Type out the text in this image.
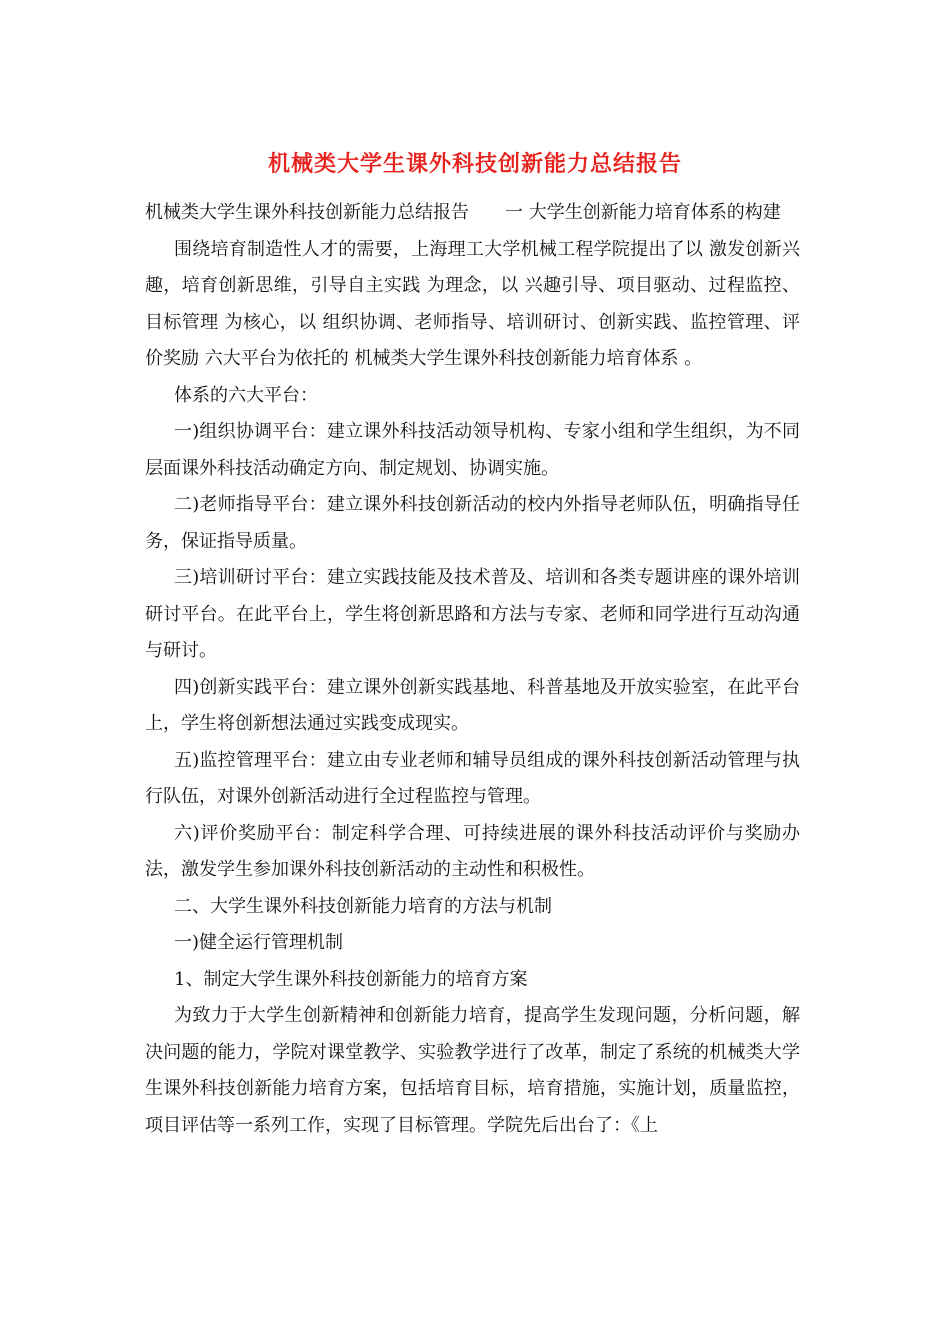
机械类大学生课外科技创新能力总结报告

机械类大学生课外科技创新能力总结报告　　一 大学生创新能力培育体系的构建

围绕培育制造性人才的需要，上海理工大学机械工程学院提出了以 激发创新兴趣，培育创新思维，引导自主实践 为理念，以 兴趣引导、项目驱动、过程监控、目标管理 为核心，以 组织协调、老师指导、培训研讨、创新实践、监控管理、评价奖励 六大平台为依托的 机械类大学生课外科技创新能力培育体系 。

体系的六大平台：

一)组织协调平台：建立课外科技活动领导机构、专家小组和学生组织，为不同层面课外科技活动确定方向、制定规划、协调实施。

二)老师指导平台：建立课外科技创新活动的校内外指导老师队伍，明确指导任务，保证指导质量。

三)培训研讨平台：建立实践技能及技术普及、培训和各类专题讲座的课外培训研讨平台。在此平台上，学生将创新思路和方法与专家、老师和同学进行互动沟通与研讨。

四)创新实践平台：建立课外创新实践基地、科普基地及开放实验室，在此平台上，学生将创新想法通过实践变成现实。

五)监控管理平台：建立由专业老师和辅导员组成的课外科技创新活动管理与执行队伍，对课外创新活动进行全过程监控与管理。

六)评价奖励平台：制定科学合理、可持续进展的课外科技活动评价与奖励办法，激发学生参加课外科技创新活动的主动性和积极性。

二、大学生课外科技创新能力培育的方法与机制

一)健全运行管理机制

1、制定大学生课外科技创新能力的培育方案

为致力于大学生创新精神和创新能力培育，提高学生发现问题，分析问题，解决问题的能力，学院对课堂教学、实验教学进行了改革，制定了系统的机械类大学生课外科技创新能力培育方案，包括培育目标，培育措施，实施计划，质量监控，项目评估等一系列工作，实现了目标管理。学院先后出台了：《上
